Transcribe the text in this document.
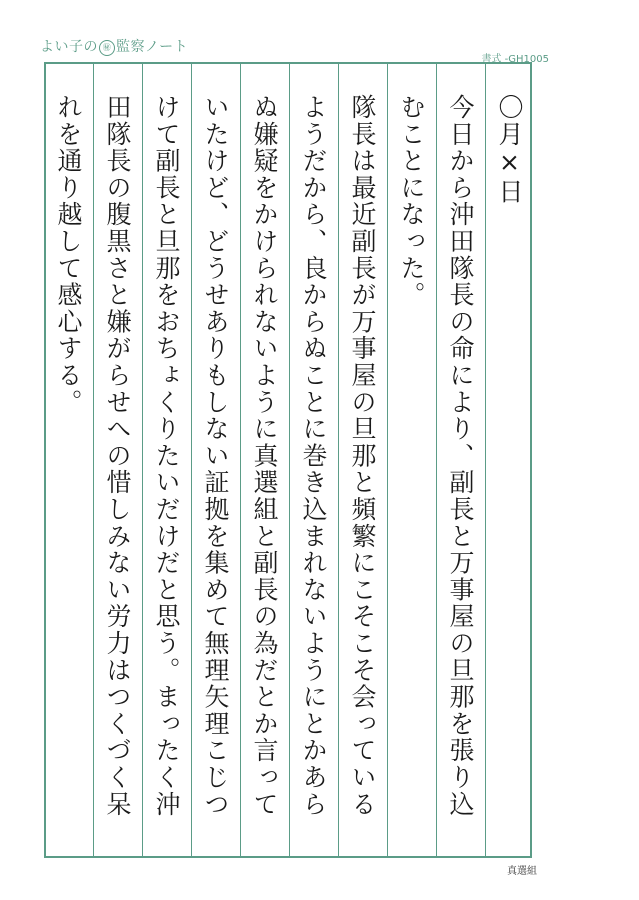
よい子の ㊙ 監察ノート
書式 -GH1005
〇月×日
今日から沖田隊長の命により、副長と万事屋の旦那を張り込
むことになった。
隊長は最近副長が万事屋の旦那と頻繁にこそこそ会っている
ようだから、良からぬことに巻き込まれないようにとかあら
ぬ嫌疑をかけられないように真選組と副長の為だとか言って
いたけど、どうせありもしない証拠を集めて無理矢理こじつ
けて副長と旦那をおちょくりたいだけだと思う。まったく沖
田隊長の腹黒さと嫌がらせへの惜しみない労力はつくづく呆
れを通り越して感心する。
真選組
